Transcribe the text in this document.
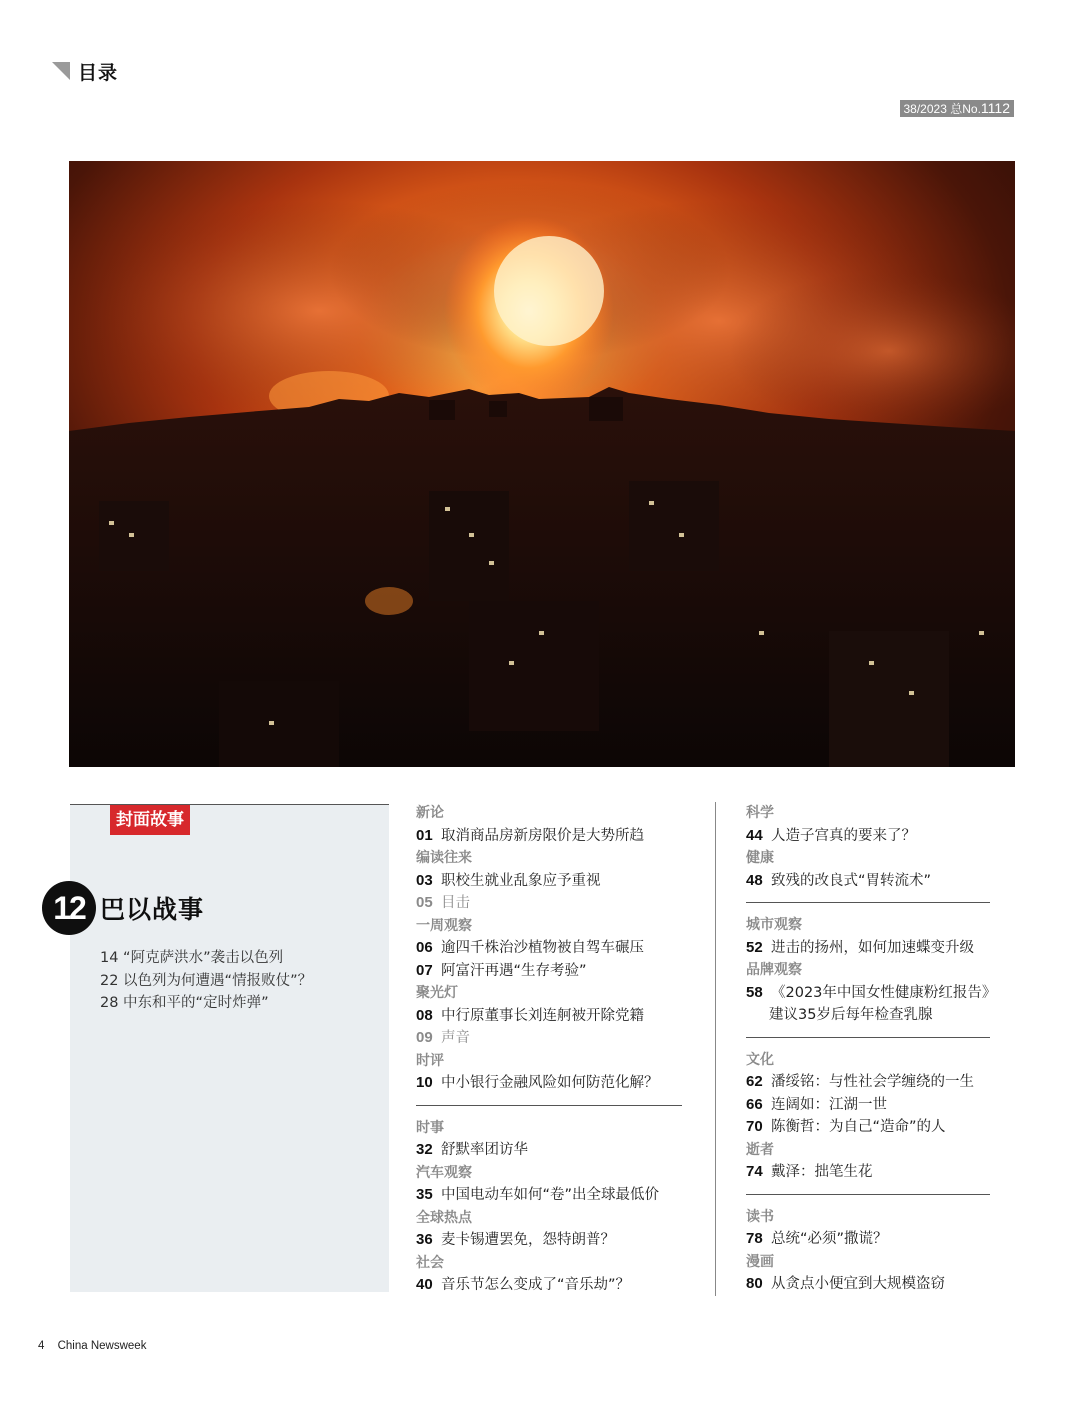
目录
38/2023 总No.1112
封面故事
12 巴以战事
14 “阿克萨洪水”袭击以色列
22 以色列为何遭遇“情报败仗”？
28 中东和平的“定时炸弹”
新论
01 取消商品房新房限价是大势所趋
编读往来
03 职校生就业乱象应予重视
05 目击
一周观察
06 逾四千株治沙植物被自驾车碾压
07 阿富汗再遇“生存考验”
聚光灯
08 中行原董事长刘连舸被开除党籍
09 声音
时评
10 中小银行金融风险如何防范化解？
时事
32 舒默率团访华
汽车观察
35 中国电动车如何“卷”出全球最低价
全球热点
36 麦卡锡遭罢免，怨特朗普？
社会
40 音乐节怎么变成了“音乐劫”？
科学
44 人造子宫真的要来了？
健康
48 致残的改良式“胃转流术”
城市观察
52 进击的扬州，如何加速蝶变升级
品牌观察
58 《2023年中国女性健康粉红报告》
建议35岁后每年检查乳腺
文化
62 潘绥铭：与性社会学缠绕的一生
66 连阔如：江湖一世
70 陈衡哲：为自己“造命”的人
逝者
74 戴泽：拙笔生花
读书
78 总统“必须”撒谎？
漫画
80 从贪点小便宜到大规模盗窃
4 China Newsweek
